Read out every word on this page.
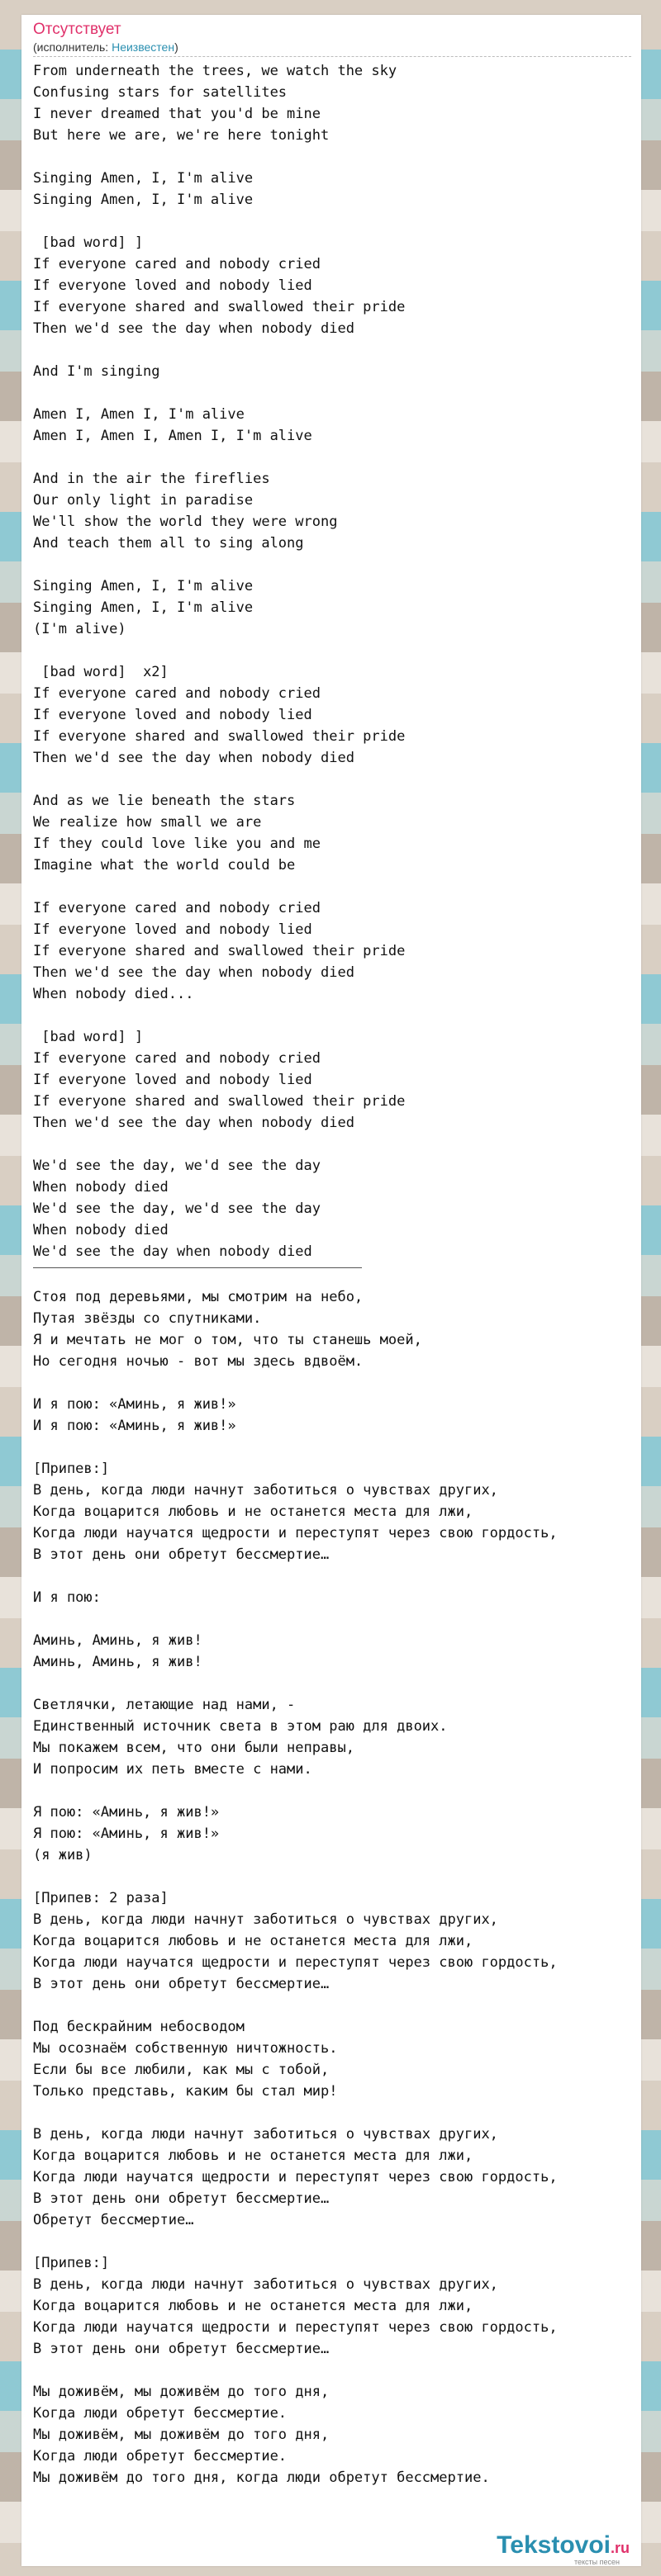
Отсутствует
(исполнитель: Неизвестен)
From underneath the trees, we watch the sky
Confusing stars for satellites
I never dreamed that you'd be mine
But here we are, we're here tonight

Singing Amen, I, I'm alive
Singing Amen, I, I'm alive

[bad word] ]
If everyone cared and nobody cried
If everyone loved and nobody lied
If everyone shared and swallowed their pride
Then we'd see the day when nobody died

And I'm singing

Amen I, Amen I, I'm alive
Amen I, Amen I, Amen I, I'm alive

And in the air the fireflies
Our only light in paradise
We'll show the world they were wrong
And teach them all to sing along

Singing Amen, I, I'm alive
Singing Amen, I, I'm alive
(I'm alive)

[bad word]  x2]
If everyone cared and nobody cried
If everyone loved and nobody lied
If everyone shared and swallowed their pride
Then we'd see the day when nobody died

And as we lie beneath the stars
We realize how small we are
If they could love like you and me
Imagine what the world could be

If everyone cared and nobody cried
If everyone loved and nobody lied
If everyone shared and swallowed their pride
Then we'd see the day when nobody died
When nobody died...

[bad word] ]
If everyone cared and nobody cried
If everyone loved and nobody lied
If everyone shared and swallowed their pride
Then we'd see the day when nobody died

We'd see the day, we'd see the day
When nobody died
We'd see the day, we'd see the day
When nobody died
We'd see the day when nobody died
Стоя под деревьями, мы смотрим на небо,
Путая звёзды со спутниками.
Я и мечтать не мог о том, что ты станешь моей,
Но сегодня ночью - вот мы здесь вдвоём.

И я пою: «Аминь, я жив!»
И я пою: «Аминь, я жив!»

[Припев:]
В день, когда люди начнут заботиться о чувствах других,
Когда воцарится любовь и не останется места для лжи,
Когда люди научатся щедрости и переступят через свою гордость,
В этот день они обретут бессмертие…

И я пою:

Аминь, Аминь, я жив!
Аминь, Аминь, я жив!

Светлячки, летающие над нами, -
Единственный источник света в этом раю для двоих.
Мы покажем всем, что они были неправы,
И попросим их петь вместе с нами.

Я пою: «Аминь, я жив!»
Я пою: «Аминь, я жив!»
(я жив)

[Припев: 2 раза]
В день, когда люди начнут заботиться о чувствах других,
Когда воцарится любовь и не останется места для лжи,
Когда люди научатся щедрости и переступят через свою гордость,
В этот день они обретут бессмертие…

Под бескрайним небосводом
Мы осознаём собственную ничтожность.
Если бы все любили, как мы с тобой,
Только представь, каким бы стал мир!

В день, когда люди начнут заботиться о чувствах других,
Когда воцарится любовь и не останется места для лжи,
Когда люди научатся щедрости и переступят через свою гордость,
В этот день они обретут бессмертие…
Обретут бессмертие…

[Припев:]
В день, когда люди начнут заботиться о чувствах других,
Когда воцарится любовь и не останется места для лжи,
Когда люди научатся щедрости и переступят через свою гордость,
В этот день они обретут бессмертие…

Мы доживём, мы доживём до того дня,
Когда люди обретут бессмертие.
Мы доживём, мы доживём до того дня,
Когда люди обретут бессмертие.
Мы доживём до того дня, когда люди обретут бессмертие.
Tekstovoi.ru
тексты песен
